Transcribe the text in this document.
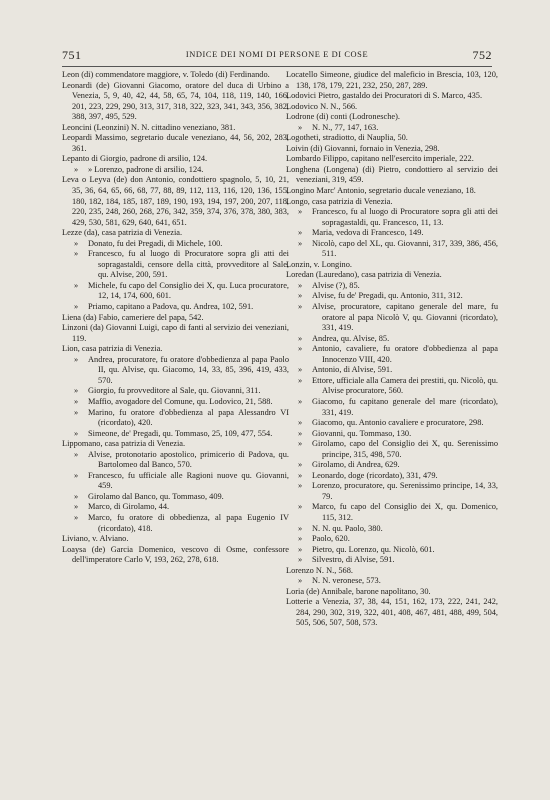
751	INDICE DEI NOMI DI PERSONE E DI COSE	752

Leon (di) commendatore maggiore, v. Toledo (di) Ferdinando.

Leonardi (de) Giovanni Giacomo, oratore del duca di Urbino a Venezia, 5, 9, 40, 42, 44, 58, 65, 74, 104, 118, 119, 140, 166, 201, 223, 229, 290, 313, 317, 318, 322, 323, 341, 343, 356, 382, 388, 397, 495, 529.

Leoncini (Leonzini) N. N. cittadino veneziano, 381.

Leopardi Massimo, segretario ducale veneziano, 44, 56, 202, 283, 361.

Lepanto di Giorgio, padrone di arsilio, 124.

» » Lorenzo, padrone di arsilio, 124.

Leva o Leyva (de) don Antonio, condottiero spagnolo, 5, 10, 21, 35, 36, 64, 65, 66, 68, 77, 88, 89, 112, 113, 116, 120, 136, 155, 180, 182, 184, 185, 187, 189, 190, 193, 194, 197, 200, 207, 118, 220, 235, 248, 260, 268, 276, 342, 359, 374, 376, 378, 380, 383, 429, 530, 581, 629, 640, 641, 651.

Lezze (da), casa patrizia di Venezia.

» Donato, fu dei Pregadi, di Michele, 100.

» Francesco, fu al luogo di Procuratore sopra gli atti dei sopragastaldi, censore della città, provveditore al Sale, qu. Alvise, 200, 591.

» Michele, fu capo del Consiglio dei X, qu. Luca procuratore, 12, 14, 174, 600, 601.

» Priamo, capitano a Padova, qu. Andrea, 102, 591.

Liena (da) Fabio, cameriere del papa, 542.

Linzoni (da) Giovanni Luigi, capo di fanti al servizio dei veneziani, 119.

Lion, casa patrizia di Venezia.

» Andrea, procuratore, fu oratore d'obbedienza al papa Paolo II, qu. Alvise, qu. Giacomo, 14, 33, 85, 396, 419, 433, 570.

» Giorgio, fu provveditore al Sale, qu. Giovanni, 311.

» Maffio, avogadore del Comune, qu. Lodovico, 21, 588.

» Marino, fu oratore d'obbedienza al papa Alessandro VI (ricordato), 420.

» Simeone, de' Pregadi, qu. Tommaso, 25, 109, 477, 554.

Lippomano, casa patrizia di Venezia.

» Alvise, protonotario apostolico, primicerio di Padova, qu. Bartolomeo dal Banco, 570.

» Francesco, fu ufficiale alle Ragioni nuove qu. Giovanni, 459.

» Girolamo dal Banco, qu. Tommaso, 409.

» Marco, di Girolamo, 44.

» Marco, fu oratore di obbedienza, al papa Eugenio IV (ricordato), 418.

Liviano, v. Alviano.

Loaysa (de) Garcia Domenico, vescovo di Osme, confessore dell'imperatore Carlo V, 193, 262, 278, 618.

Locatello Simeone, giudice del maleficio in Brescia, 103, 120, 138, 178, 179, 221, 232, 250, 287, 289.

Lodovici Pietro, gastaldo dei Procuratori di S. Marco, 435.

Lodovico N. N., 566.

Lodrone (di) conti (Lodronesche).

» N. N., 77, 147, 163.

Logotheti, stradiotto, di Nauplia, 50.

Loivin (di) Giovanni, fornaio in Venezia, 298.

Lombardo Filippo, capitano nell'esercito imperiale, 222.

Longhena (Longena) (di) Pietro, condottiero al servizio dei veneziani, 319, 459.

Longino Marc' Antonio, segretario ducale veneziano, 18.

Longo, casa patrizia di Venezia.

» Francesco, fu al luogo di Procuratore sopra gli atti dei sopragastaldi, qu. Francesco, 11, 13.

» Maria, vedova di Francesco, 149.

» Nicolò, capo del XL, qu. Giovanni, 317, 339, 386, 456, 511.

Lonzin, v. Longino.

Loredan (Lauredano), casa patrizia di Venezia.

» Alvise (?), 85.

» Alvise, fu de' Pregadi, qu. Antonio, 311, 312.

» Alvise, procuratore, capitano generale del mare, fu oratore al papa Nicolò V, qu. Giovanni (ricordato), 331, 419.

» Andrea, qu. Alvise, 85.

» Antonio, cavaliere, fu oratore d'obbedienza al papa Innocenzo VIII, 420.

» Antonio, di Alvise, 591.

» Ettore, ufficiale alla Camera dei prestiti, qu. Nicolò, qu. Alvise procuratore, 560.

» Giacomo, fu capitano generale del mare (ricordato), 331, 419.

» Giacomo, qu. Antonio cavaliere e procuratore, 298.

» Giovanni, qu. Tommaso, 130.

» Girolamo, capo del Consiglio dei X, qu. Serenissimo principe, 315, 498, 570.

» Girolamo, di Andrea, 629.

» Leonardo, doge (ricordato), 331, 479.

» Lorenzo, procuratore, qu. Serenissimo principe, 14, 33, 79.

» Marco, fu capo del Consiglio dei X, qu. Domenico, 115, 312.

» N. N. qu. Paolo, 380.

» Paolo, 620.

» Pietro, qu. Lorenzo, qu. Nicolò, 601.

» Silvestro, di Alvise, 591.

Lorenzo N. N., 568.

» N. N. veronese, 573.

Loria (de) Annibale, barone napolitano, 30.

Lotterie a Venezia, 37, 38, 44, 151, 162, 173, 222, 241, 242, 284, 290, 302, 319, 322, 401, 408, 467, 481, 488, 499, 504, 505, 506, 507, 508, 573.
